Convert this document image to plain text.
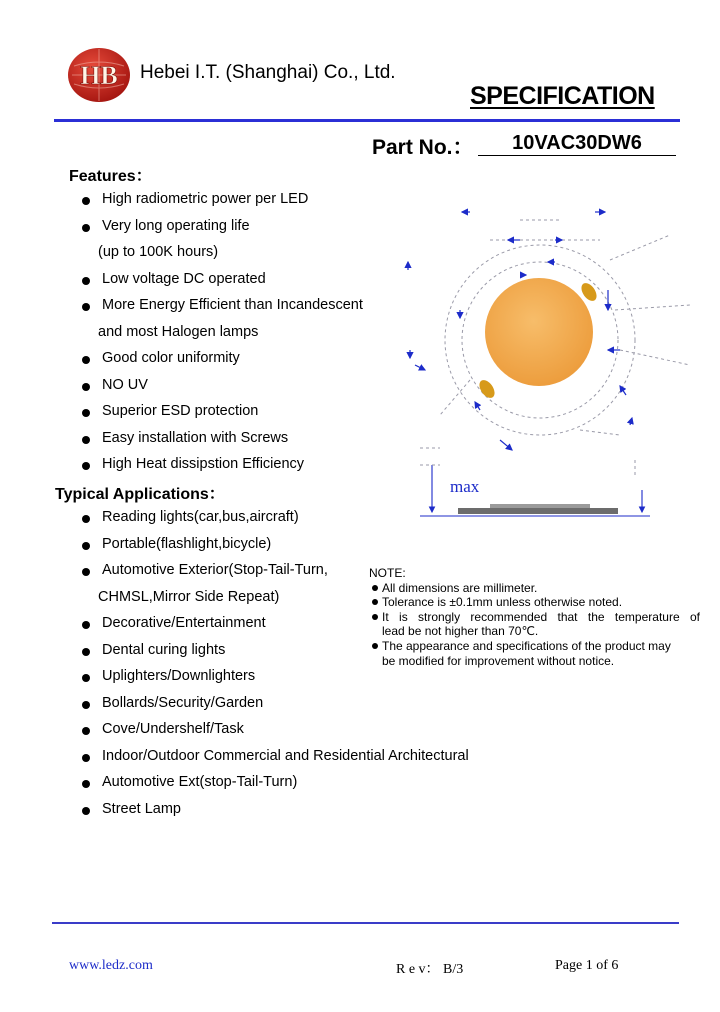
HB Hebei I.T. (Shanghai) Co., Ltd.
SPECIFICATION
Part No.：	10VAC30DW6
Features：
High radiometric power per LED
Very long operating life
(up to 100K hours)
Low voltage DC operated
More Energy Efficient than Incandescent
and most Halogen lamps
Good color uniformity
NO UV
Superior ESD protection
Easy installation with Screws
High Heat dissipstion Efficiency
Typical Applications：
Reading lights(car,bus,aircraft)
Portable(flashlight,bicycle)
Automotive Exterior(Stop-Tail-Turn,
CHMSL,Mirror Side Repeat)
Decorative/Entertainment
Dental curing lights
Uplighters/Downlighters
Bollards/Security/Garden
Cove/Undershelf/Task
Indoor/Outdoor Commercial and Residential Architectural
Automotive Ext(stop-Tail-Turn)
Street Lamp
max
NOTE:
All dimensions are millimeter.
Tolerance is ±0.1mm unless otherwise noted.
It is strongly recommended that the temperature of
lead be not higher than 70℃.
The appearance and specifications of the product may
be modified for improvement without notice.
www.ledz.com	R e v： B/3	Page 1 of 6
